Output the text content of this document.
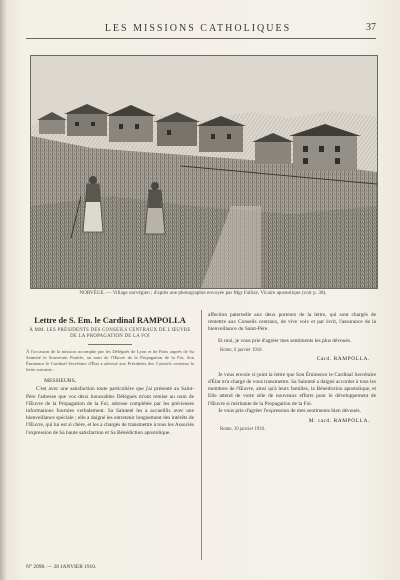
LES MISSIONS CATHOLIQUES	37
NORVÈGE. — Village norvégien ; d'après une photographie envoyée par Mgr Fallize, Vicaire apostolique (voir p. 38).
Lettre de S. Em. le Cardinal RAMPOLLA
À MM. LES PRÉSIDENTS DES CONSEILS CENTRAUX DE L'ŒUVRE DE LA PROPAGATION DE LA FOI
À l'occasion de la mission accomplie par les Délégués de Lyon et de Paris auprès de Sa Sainteté le Souverain Pontife, au nom de l'Œuvre de la Propagation de la Foi, Son Éminence le Cardinal Secrétaire d'État a adressé aux Présidents des Conseils centraux la lettre suivante :
MESSIEURS,
C'est avec une satisfaction toute particulière que j'ai présenté au Saint-Père l'adresse que vos deux honorables Délégués m'ont remise au nom de l'Œuvre de la Propagation de la Foi, adresse complétée par les précieuses informations fournies verbalement. Sa Sainteté les a accueillis avec une bienveillance spéciale ; elle a daigné les entretenir longuement des intérêts de l'Œuvre, qui lui est si chère, et les a chargés de transmettre à tous les Associés l'expression de Sa haute satisfaction et Sa Bénédiction apostolique.
affection paternelle aux deux porteurs de la lettre, qui sont chargés de remettre aux Conseils centraux, de vive voix et par écrit, l'assurance de la bienveillance du Saint-Père.
Et moi, je vous prie d'agréer mes sentiments les plus dévoués.
Rome, 6 janvier 1910.
Card. RAMPOLLA.
Je vous envoie ci-joint la lettre que Son Éminence le Cardinal Secrétaire d'État m'a chargé de vous transmettre. Sa Sainteté a daigné accorder à tous les membres de l'Œuvre, ainsi qu'à leurs familles, la Bénédiction apostolique, et Elle attend de votre zèle de nouveaux efforts pour le développement de l'Œuvre si méritante de la Propagation de la Foi.
Je vous prie d'agréer l'expression de mes sentiments bien dévoués.
M. card. RAMPOLLA.
Rome, 10 janvier 1910.
N° 2098. — 28 JANVIER 1910.
